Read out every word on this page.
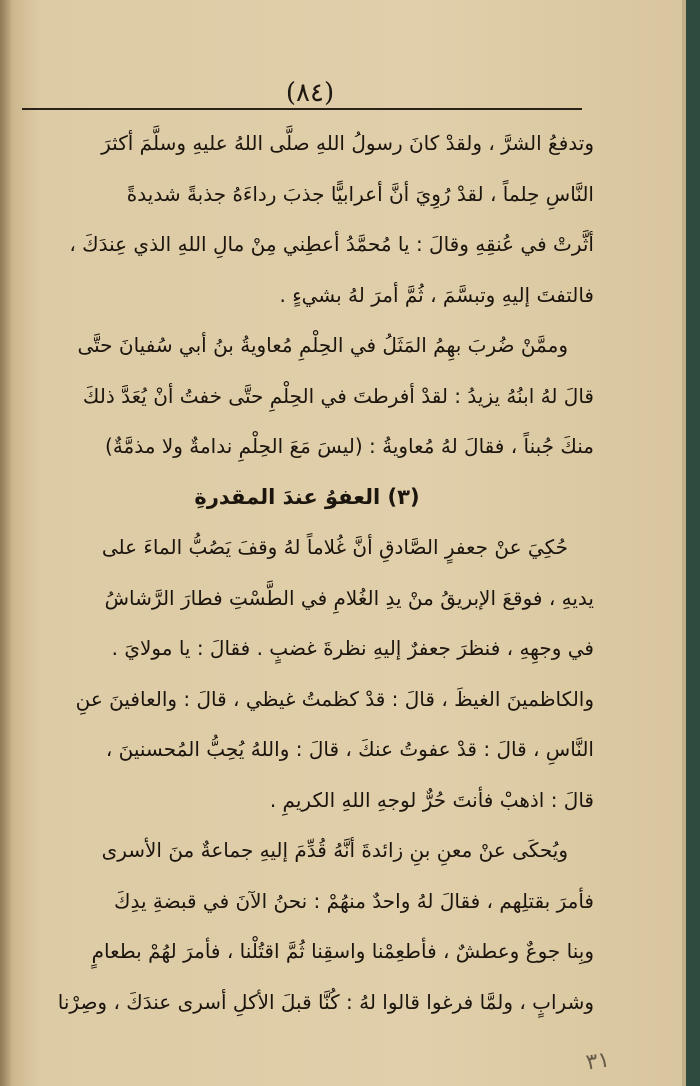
(٨٤)
وتدفعُ الشرَّ ، ولقدْ كانَ رسولُ اللهِ صلَّى اللهُ عليهِ وسلَّمَ أكثرَ
النَّاسِ حِلماً ، لقدْ رُوِيَ أنَّ أعرابيًّا جذبَ رداءَهُ جذبةً شديدةً
أثَّرتْ في عُنقِهِ وقالَ : يا مُحمَّدُ أعطِني مِنْ مالِ اللهِ الذي عِندَكَ ،
فالتفتَ إليهِ وتبسَّمَ ، ثُمَّ أمرَ لهُ بشيءٍ .
وممَّنْ ضُربَ بهِمُ المَثَلُ في الحِلْمِ مُعاويةُ بنُ أبي سُفيانَ حتَّى
قالَ لهُ ابنُهُ يزيدُ : لقدْ أفرطتَ في الحِلْمِ حتَّى خفتُ أنْ يُعَدَّ ذلكَ
منكَ جُبناً ، فقالَ لهُ مُعاويةُ : (ليسَ مَعَ الحِلْمِ ندامةٌ ولا مذمَّةٌ)
(٣) العفوُ عندَ المقدرةِ
حُكِيَ عنْ جعفرٍ الصَّادقِ أنَّ غُلاماً لهُ وقفَ يَصُبُّ الماءَ على
يديهِ ، فوقعَ الإبريقُ منْ يدِ الغُلامِ في الطَّسْتِ فطارَ الرَّشاشُ
في وجهِهِ ، فنظرَ جعفرٌ إليهِ نظرةَ غضبٍ . فقالَ : يا مولايَ .
والكاظمينَ الغيظَ ، قالَ : قدْ كظمتُ غيظي ، قالَ : والعافينَ عنِ
النَّاسِ ، قالَ : قدْ عفوتُ عنكَ ، قالَ : واللهُ يُحِبُّ المُحسنينَ ،
قالَ : اذهبْ فأنتَ حُرٌّ لوجهِ اللهِ الكريمِ .
ويُحكَى عنْ معنِ بنِ زائدةَ أنَّهُ قُدِّمَ إليهِ جماعةٌ منَ الأسرى
فأمرَ بقتلِهم ، فقالَ لهُ واحدٌ منهُمْ : نحنُ الآنَ في قبضةِ يدِكَ
وبِنا جوعٌ وعطشٌ ، فأطعِمْنا واسقِنا ثُمَّ اقتُلْنا ، فأمرَ لهُمْ بطعامٍ
وشرابٍ ، ولمَّا فرغوا قالوا لهُ : كُنَّا قبلَ الأكلِ أسرى عندَكَ ، وصِرْنا
٣١
